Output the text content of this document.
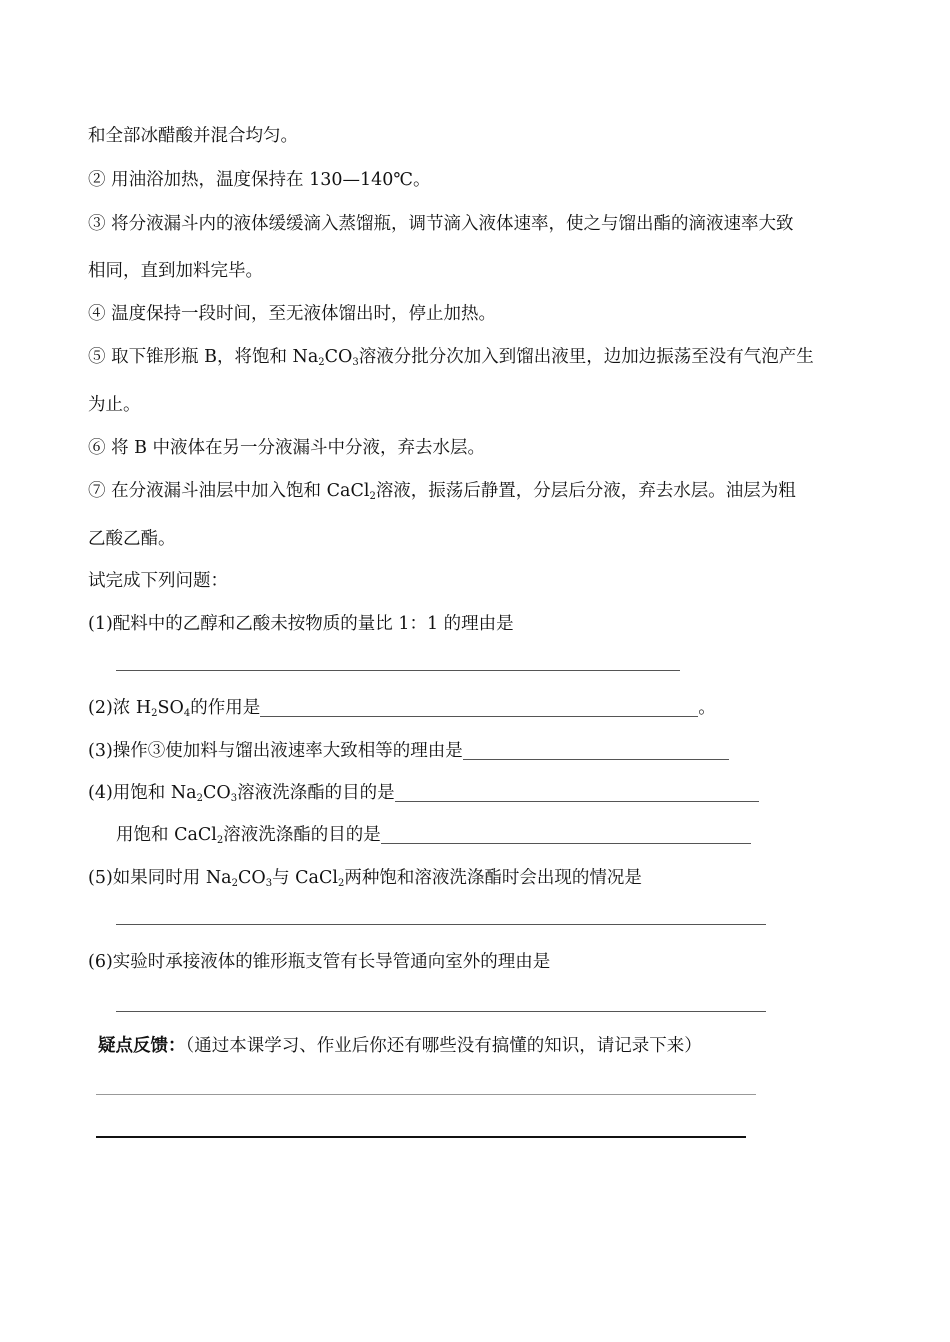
和全部冰醋酸并混合均匀。
② 用油浴加热，温度保持在 130—140℃。
③ 将分液漏斗内的液体缓缓滴入蒸馏瓶，调节滴入液体速率，使之与馏出酯的滴液速率大致
相同，直到加料完毕。
④ 温度保持一段时间，至无液体馏出时，停止加热。
⑤ 取下锥形瓶 B，将饱和 $Na_2CO_3$溶液分批分次加入到馏出液里，边加边振荡至没有气泡产生
为止。
⑥ 将 B 中液体在另一分液漏斗中分液，弃去水层。
⑦ 在分液漏斗油层中加入饱和 CaCl$_2$溶液，振荡后静置，分层后分液，弃去水层。油层为粗
乙酸乙酯。
试完成下列问题：
(1)配料中的乙醇和乙酸未按物质的量比 1：1 的理由是
(2)浓 $H_2SO_4$的作用是	。
(3)操作③使加料与馏出液速率大致相等的理由是
(4)用饱和 $Na_2CO_3$溶液洗涤酯的目的是
用饱和 CaCl$_2$溶液洗涤酯的目的是
(5)如果同时用 $Na_2CO_3$与 CaCl$_2$两种饱和溶液洗涤酯时会出现的情况是
(6)实验时承接液体的锥形瓶支管有长导管通向室外的理由是
疑点反馈：（通过本课学习、作业后你还有哪些没有搞懂的知识，请记录下来）
